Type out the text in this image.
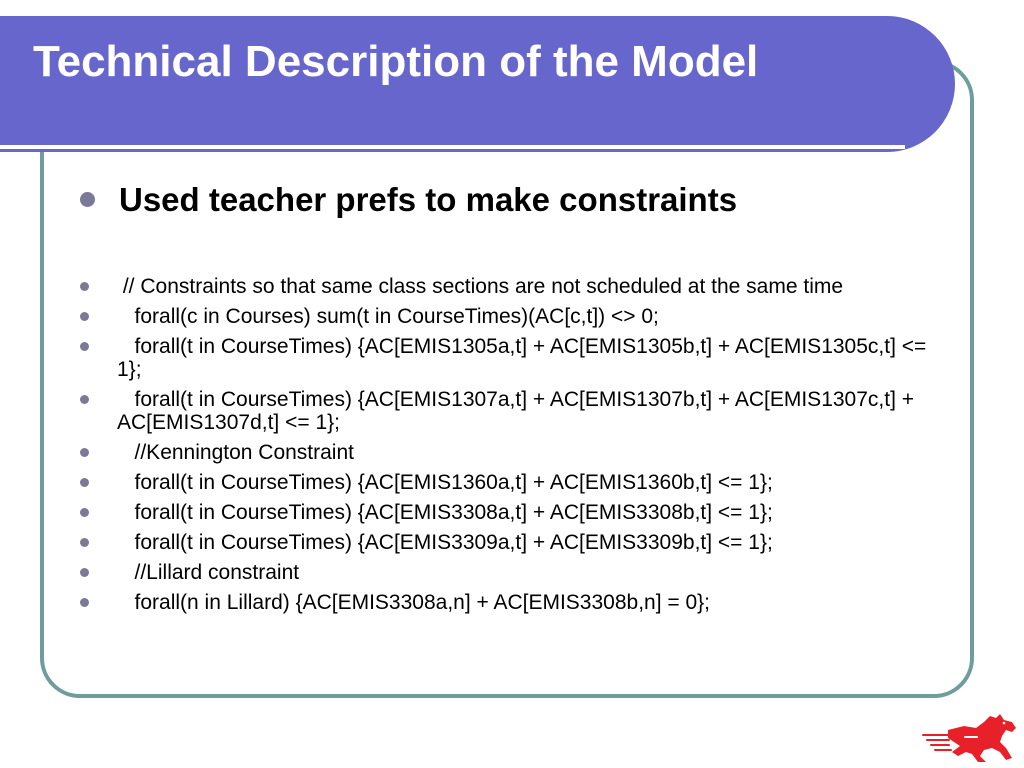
Technical Description of the Model
Used teacher prefs to make constraints
// Constraints so that same class sections are not scheduled at the same time
forall(c in Courses) sum(t in CourseTimes)(AC[c,t]) <> 0;
forall(t in CourseTimes) {AC[EMIS1305a,t] + AC[EMIS1305b,t] + AC[EMIS1305c,t] <= 1};
forall(t in CourseTimes) {AC[EMIS1307a,t] + AC[EMIS1307b,t] + AC[EMIS1307c,t] + AC[EMIS1307d,t] <= 1};
//Kennington Constraint
forall(t in CourseTimes) {AC[EMIS1360a,t] + AC[EMIS1360b,t] <= 1};
forall(t in CourseTimes) {AC[EMIS3308a,t] + AC[EMIS3308b,t] <= 1};
forall(t in CourseTimes) {AC[EMIS3309a,t] + AC[EMIS3309b,t] <= 1};
//Lillard constraint
forall(n in Lillard) {AC[EMIS3308a,n] + AC[EMIS3308b,n] = 0};
